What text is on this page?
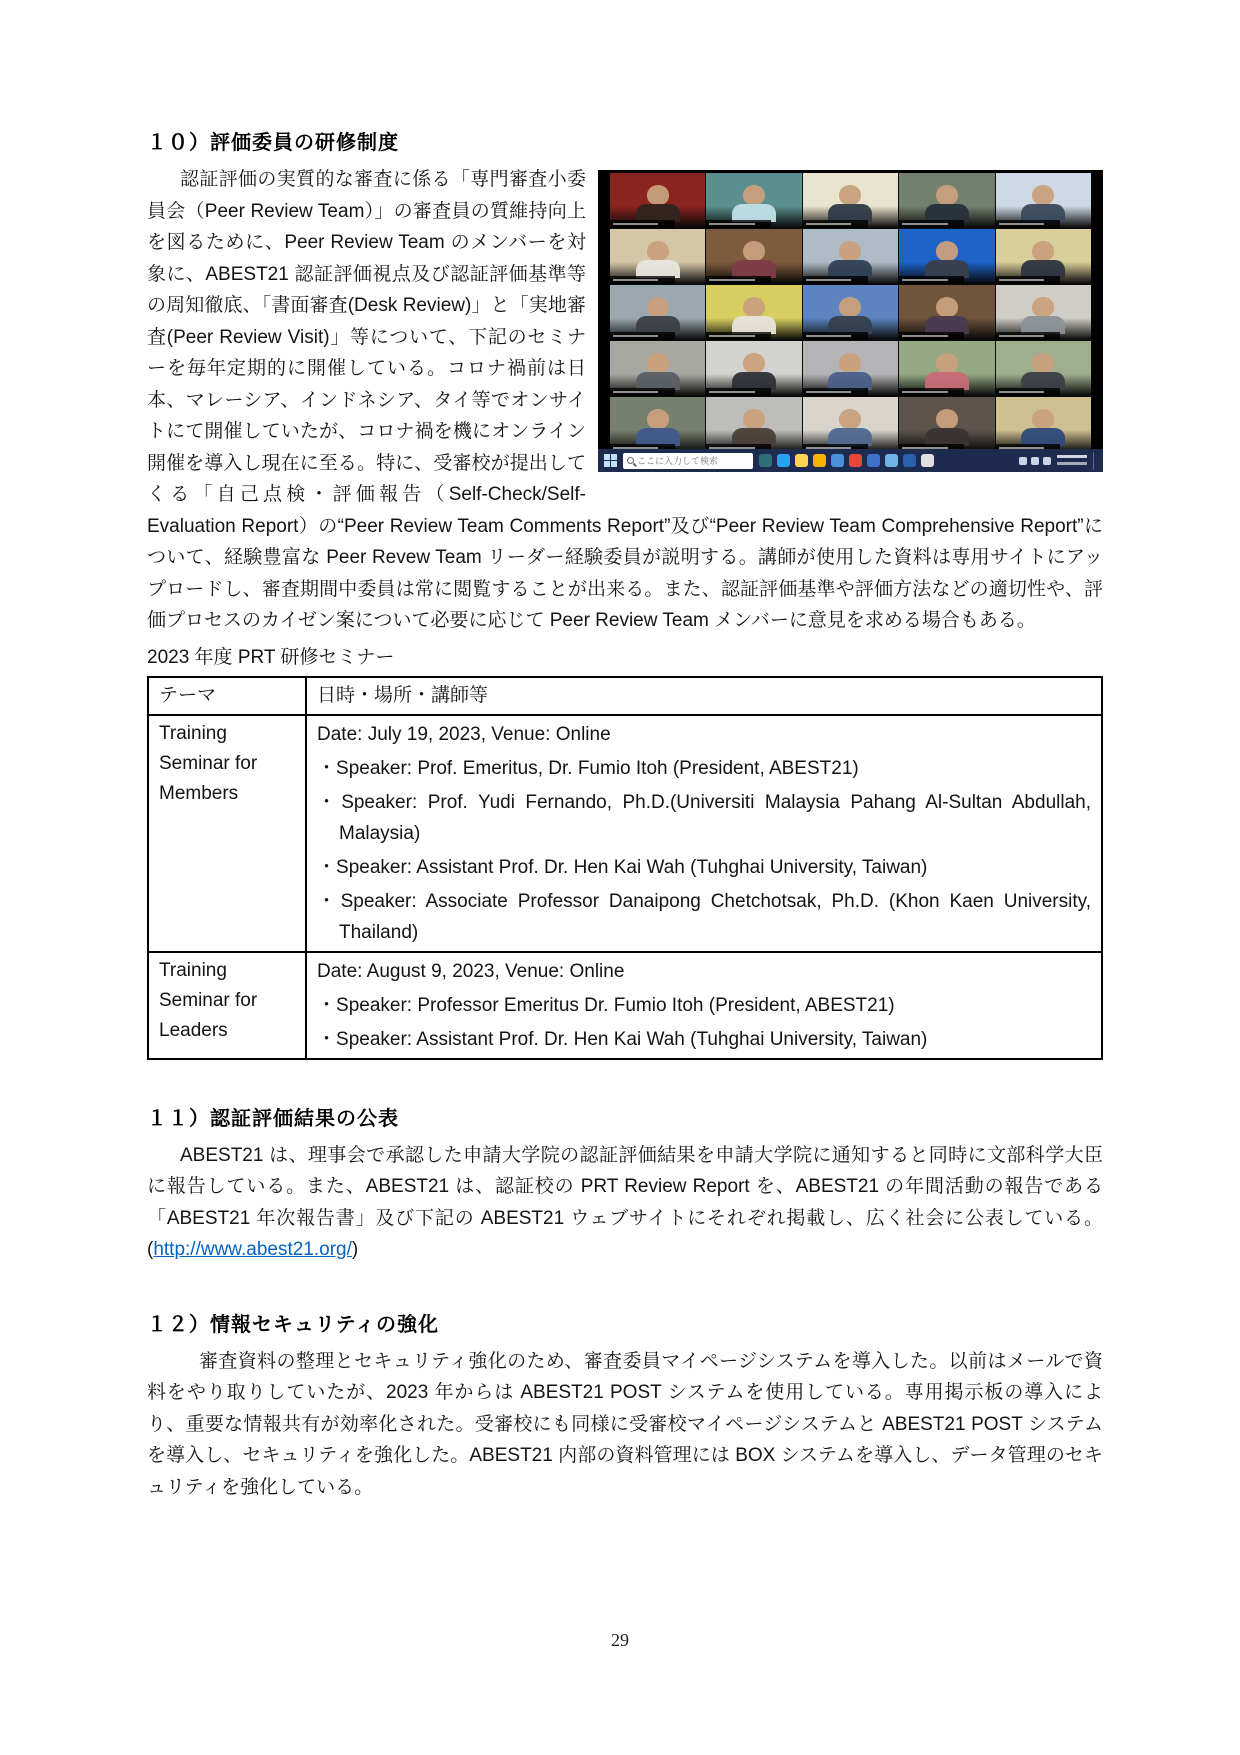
１０）評価委員の研修制度
ここに入力して検索

認証評価の実質的な審査に係る「専門審査小委員会（Peer Review Team）」の審査員の質維持向上を図るために、Peer Review Team のメンバーを対象に、ABEST21 認証評価視点及び認証評価基準等の周知徹底、「書面審査(Desk Review)」と「実地審査(Peer Review Visit)」等について、下記のセミナーを毎年定期的に開催している。コロナ禍前は日本、マレーシア、インドネシア、タイ等でオンサイトにて開催していたが、コロナ禍を機にオンライン開催を導入し現在に至る。特に、受審校が提出してくる「自己点検・評価報告（Self-Check/Self-Evaluation Report）の“Peer Review Team Comments Report”及び“Peer Review Team Comprehensive Report”について、経験豊富な Peer Revew Team リーダー経験委員が説明する。講師が使用した資料は専用サイトにアップロードし、審査期間中委員は常に閲覧することが出来る。また、認証評価基準や評価方法などの適切性や、評価プロセスのカイゼン案について必要に応じて Peer Review Team メンバーに意見を求める場合もある。

2023 年度 PRT 研修セミナー
テーマ	日時・場所・講師等
Training Seminar for Members	Date: July 19, 2023, Venue: Online
・ Speaker: Prof. Emeritus, Dr. Fumio Itoh (President, ABEST21)
・ Speaker: Prof. Yudi Fernando, Ph.D.(Universiti Malaysia Pahang Al-Sultan Abdullah, Malaysia)
・ Speaker: Assistant Prof. Dr. Hen Kai Wah (Tuhghai University, Taiwan)
・ Speaker: Associate Professor Danaipong Chetchotsak, Ph.D. (Khon Kaen University, Thailand)

Training Seminar for Leaders	Date: August 9, 2023, Venue: Online
・ Speaker: Professor Emeritus Dr. Fumio Itoh (President, ABEST21)
・ Speaker: Assistant Prof. Dr. Hen Kai Wah (Tuhghai University, Taiwan)
１１）認証評価結果の公表

ABEST21 は、理事会で承認した申請大学院の認証評価結果を申請大学院に通知すると同時に文部科学大臣に報告している。また、ABEST21 は、認証校の PRT Review Report を、ABEST21 の年間活動の報告である「ABEST21 年次報告書」及び下記の ABEST21 ウェブサイトにそれぞれ掲載し、広く社会に公表している。(http://www.abest21.org/)

１２）情報セキュリティの強化

審査資料の整理とセキュリティ強化のため、審査委員マイページシステムを導入した。以前はメールで資料をやり取りしていたが、2023 年からは ABEST21 POST システムを使用している。専用掲示板の導入により、重要な情報共有が効率化された。受審校にも同様に受審校マイページシステムと ABEST21 POST システムを導入し、セキュリティを強化した。ABEST21 内部の資料管理には BOX システムを導入し、データ管理のセキュリティを強化している。

29
